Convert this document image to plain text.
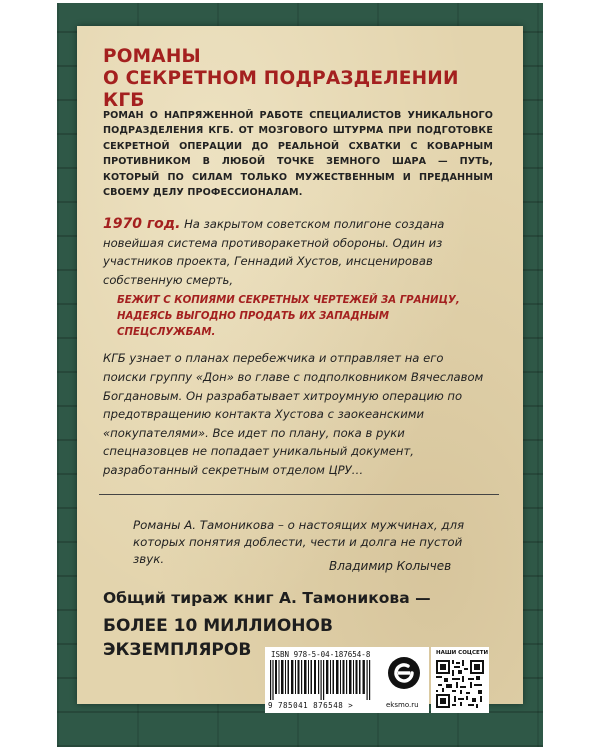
РОМАНЫ
О СЕКРЕТНОМ ПОДРАЗДЕЛЕНИИ КГБ

РОМАН О НАПРЯЖЕННОЙ РАБОТЕ СПЕЦИАЛИСТОВ УНИКАЛЬНОГО ПОДРАЗДЕЛЕНИЯ КГБ. ОТ МОЗГОВОГО ШТУРМА ПРИ ПОДГОТОВКЕ СЕКРЕТНОЙ ОПЕРАЦИИ ДО РЕАЛЬНОЙ СХВАТКИ С КОВАРНЫМ ПРОТИВНИКОМ В ЛЮБОЙ ТОЧКЕ ЗЕМНОГО ШАРА — ПУТЬ, КОТОРЫЙ ПО СИЛАМ ТОЛЬКО МУЖЕСТВЕННЫМ И ПРЕДАННЫМ СВОЕМУ ДЕЛУ ПРОФЕССИОНАЛАМ.

1970 год. На закрытом советском полигоне создана новейшая система противоракетной обороны. Один из участников проекта, Геннадий Хустов, инсценировав собственную смерть,

БЕЖИТ С КОПИЯМИ СЕКРЕТНЫХ ЧЕРТЕЖЕЙ ЗА ГРАНИЦУ, НАДЕЯСЬ ВЫГОДНО ПРОДАТЬ ИХ ЗАПАДНЫМ СПЕЦСЛУЖБАМ.

КГБ узнает о планах перебежчика и отправляет на его поиски группу «Дон» во главе с подполковником Вячеславом Богдановым. Он разрабатывает хитроумную операцию по предотвращению контакта Хустова с заокеанскими «покупателями». Все идет по плану, пока в руки спецназовцев не попадает уникальный документ, разработанный секретным отделом ЦРУ…

Романы А. Тамоникова – о настоящих мужчинах, для которых понятия доблести, чести и долга не пустой звук.	Владимир Колычев
Общий тираж книг А. Тамоникова —
БОЛЕЕ 10 МИЛЛИОНОВ
ЭКЗЕМПЛЯРОВ	ISBN 978-5-04-187654-8
9 785041 876548 >	eksmo.ru
НАШИ СОЦСЕТИ
